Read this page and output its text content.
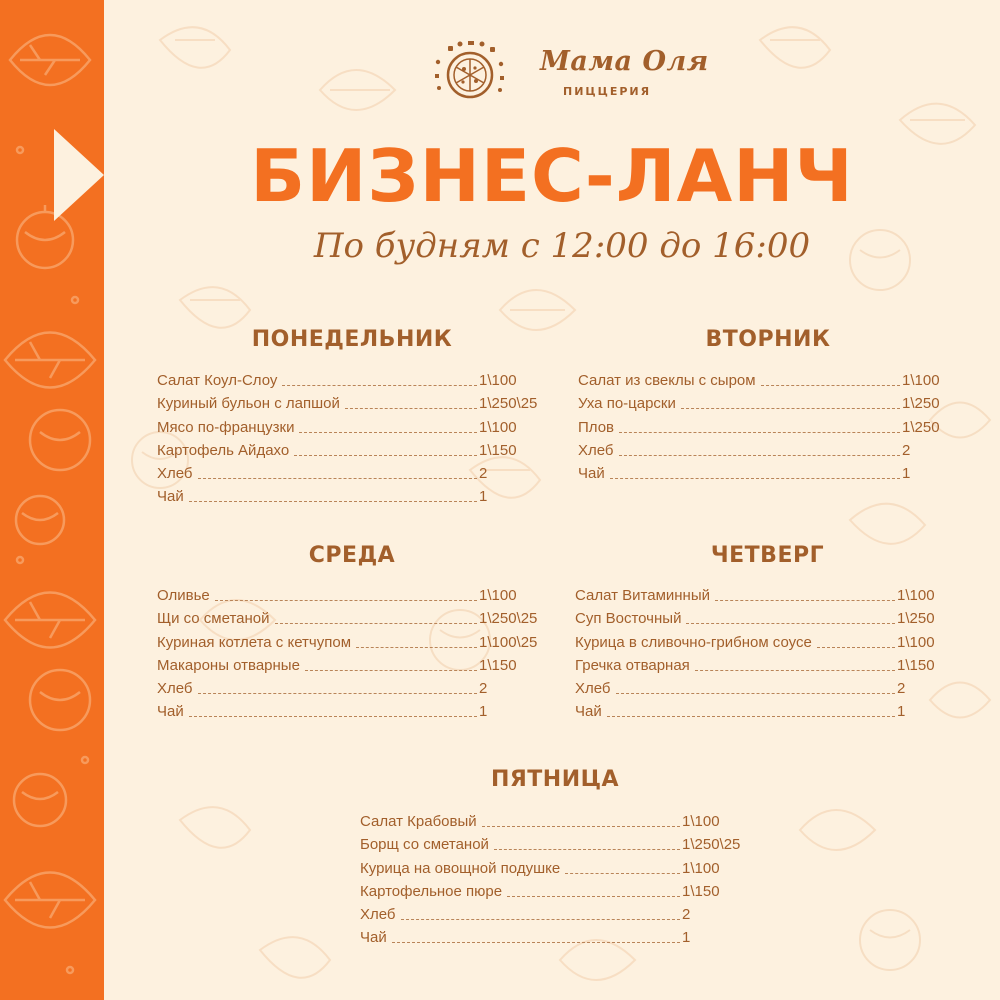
Мама Оля
ПИЦЦЕРИЯ
БИЗНЕС-ЛАНЧ
По будням с 12:00 до 16:00
ПОНЕДЕЛЬНИК
Салат Коул-Слоу	1\100
Куриный бульон с лапшой	1\250\25
Мясо по-французки	1\100
Картофель Айдахо	1\150
Хлеб	2
Чай	1
ВТОРНИК
Салат из свеклы с сыром	1\100
Уха по-царски	1\250
Плов	1\250
Хлеб	2
Чай	1
СРЕДА
Оливье	1\100
Щи со сметаной	1\250\25
Куриная котлета с кетчупом	1\100\25
Макароны отварные	1\150
Хлеб	2
Чай	1
ЧЕТВЕРГ
Салат Витаминный	1\100
Суп Восточный	1\250
Курица в сливочно-грибном соусе	1\100
Гречка отварная	1\150
Хлеб	2
Чай	1
ПЯТНИЦА
Салат Крабовый	1\100
Борщ со сметаной	1\250\25
Курица на овощной подушке	1\100
Картофельное пюре	1\150
Хлеб	2
Чай	1
